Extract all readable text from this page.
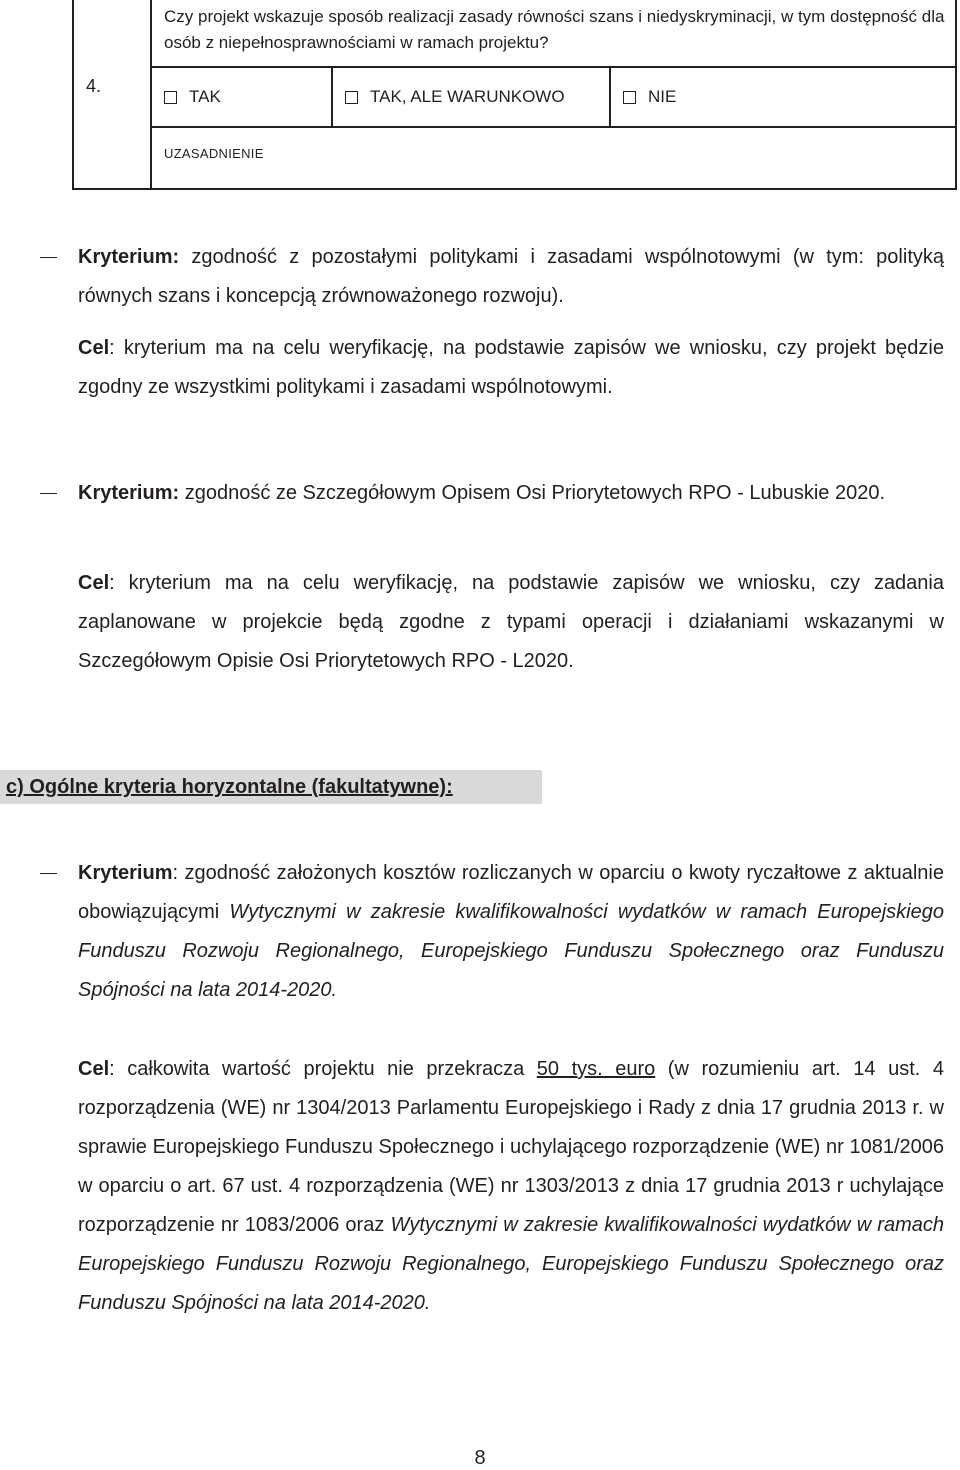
4.
Czy projekt wskazuje sposób realizacji zasady równości szans i niedyskryminacji, w tym dostępność dla osób z niepełnosprawnościami w ramach projektu?
TAK	TAK, ALE WARUNKOWO	NIE
UZASADNIENIE
Kryterium: zgodność z pozostałymi politykami i zasadami wspólnotowymi (w tym: polityką równych szans i koncepcją zrównoważonego rozwoju).
Cel: kryterium ma na celu weryfikację, na podstawie zapisów we wniosku, czy projekt będzie zgodny ze wszystkimi politykami i zasadami wspólnotowymi.
Kryterium: zgodność ze Szczegółowym Opisem Osi Priorytetowych RPO - Lubuskie 2020.
Cel: kryterium ma na celu weryfikację, na podstawie zapisów we wniosku, czy zadania zaplanowane w projekcie będą zgodne z typami operacji i działaniami wskazanymi w Szczegółowym Opisie Osi Priorytetowych RPO - L2020.
c) Ogólne kryteria horyzontalne (fakultatywne):
Kryterium: zgodność założonych kosztów rozliczanych w oparciu o kwoty ryczałtowe z aktualnie obowiązującymi Wytycznymi w zakresie kwalifikowalności wydatków w ramach Europejskiego Funduszu Rozwoju Regionalnego, Europejskiego Funduszu Społecznego oraz Funduszu Spójności na lata 2014-2020.
Cel: całkowita wartość projektu nie przekracza 50 tys. euro (w rozumieniu art. 14 ust. 4 rozporządzenia (WE) nr 1304/2013 Parlamentu Europejskiego i Rady z dnia 17 grudnia 2013 r. w sprawie Europejskiego Funduszu Społecznego i uchylającego rozporządzenie (WE) nr 1081/2006 w oparciu o art. 67 ust. 4 rozporządzenia (WE) nr 1303/2013 z dnia 17 grudnia 2013 r uchylające rozporządzenie nr 1083/2006 oraz Wytycznymi w zakresie kwalifikowalności wydatków w ramach Europejskiego Funduszu Rozwoju Regionalnego, Europejskiego Funduszu Społecznego oraz Funduszu Spójności na lata 2014-2020.
8
